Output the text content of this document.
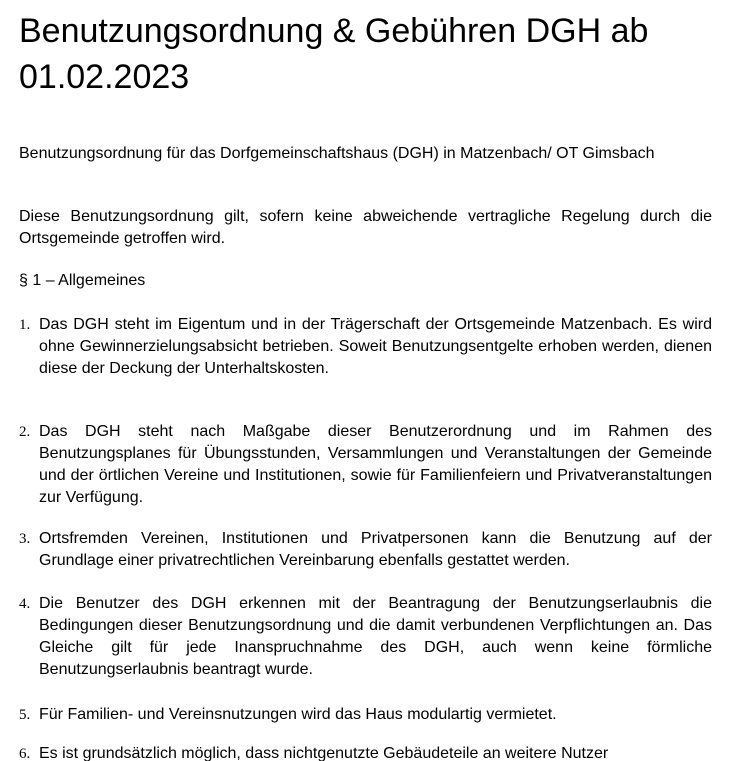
Benutzungsordnung & Gebühren DGH ab 01.02.2023

Benutzungsordnung für das Dorfgemeinschaftshaus (DGH) in Matzenbach/ OT Gimsbach

Diese Benutzungsordnung gilt, sofern keine abweichende vertragliche Regelung durch die Ortsgemeinde getroffen wird.

§ 1 – Allgemeines

1. Das DGH steht im Eigentum und in der Trägerschaft der Ortsgemeinde Matzenbach. Es wird ohne Gewinnerzielungsabsicht betrieben. Soweit Benutzungsentgelte erhoben werden, dienen diese der Deckung der Unterhaltskosten.
2. Das DGH steht nach Maßgabe dieser Benutzerordnung und im Rahmen des Benutzungsplanes für Übungsstunden, Versammlungen und Veranstaltungen der Gemeinde und der örtlichen Vereine und Institutionen, sowie für Familienfeiern und Privatveranstaltungen zur Verfügung.
3. Ortsfremden Vereinen, Institutionen und Privatpersonen kann die Benutzung auf der Grundlage einer privatrechtlichen Vereinbarung ebenfalls gestattet werden.
4. Die Benutzer des DGH erkennen mit der Beantragung der Benutzungserlaubnis die Bedingungen dieser Benutzungsordnung und die damit verbundenen Verpflichtungen an. Das Gleiche gilt für jede Inanspruchnahme des DGH, auch wenn keine förmliche Benutzungserlaubnis beantragt wurde.
5. Für Familien- und Vereinsnutzungen wird das Haus modulartig vermietet.
6. Es ist grundsätzlich möglich, dass nichtgenutzte Gebäudeteile an weitere Nutzer
